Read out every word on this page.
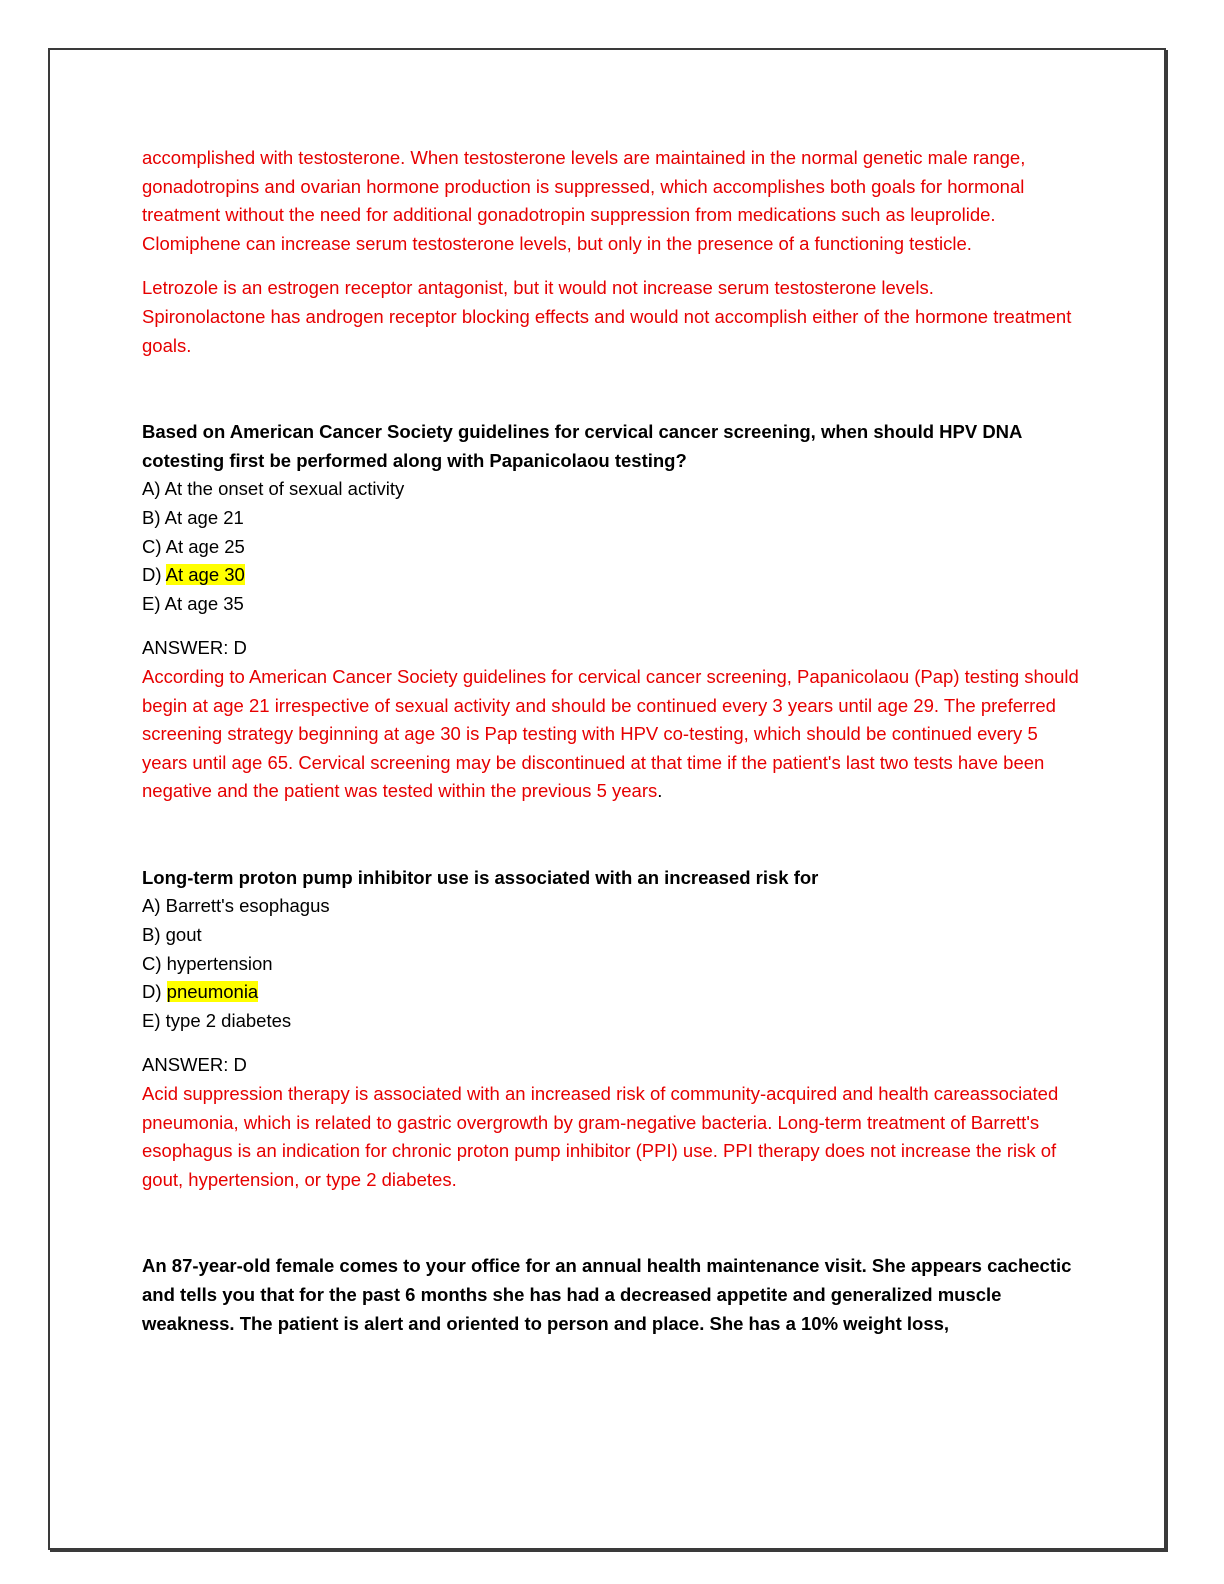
accomplished with testosterone. When testosterone levels are maintained in the normal genetic male range, gonadotropins and ovarian hormone production is suppressed, which accomplishes both goals for hormonal treatment without the need for additional gonadotropin suppression from medications such as leuprolide.

Clomiphene can increase serum testosterone levels, but only in the presence of a functioning testicle.

Letrozole is an estrogen receptor antagonist, but it would not increase serum testosterone levels.

Spironolactone has androgen receptor blocking effects and would not accomplish either of the hormone treatment goals.

Based on American Cancer Society guidelines for cervical cancer screening, when should HPV DNA cotesting first be performed along with Papanicolaou testing?

A) At the onset of sexual activity

B) At age 21

C) At age 25

D) At age 30

E) At age 35

ANSWER: D

According to American Cancer Society guidelines for cervical cancer screening, Papanicolaou (Pap) testing should begin at age 21 irrespective of sexual activity and should be continued every 3 years until age 29. The preferred screening strategy beginning at age 30 is Pap testing with HPV co-testing, which should be continued every 5 years until age 65. Cervical screening may be discontinued at that time if the patient's last two tests have been negative and the patient was tested within the previous 5 years.

Long-term proton pump inhibitor use is associated with an increased risk for

A) Barrett's esophagus

B) gout

C) hypertension

D) pneumonia

E) type 2 diabetes

ANSWER: D

Acid suppression therapy is associated with an increased risk of community-acquired and health careassociated pneumonia, which is related to gastric overgrowth by gram-negative bacteria. Long-term treatment of Barrett's esophagus is an indication for chronic proton pump inhibitor (PPI) use. PPI therapy does not increase the risk of gout, hypertension, or type 2 diabetes.

An 87-year-old female comes to your office for an annual health maintenance visit. She appears cachectic and tells you that for the past 6 months she has had a decreased appetite and generalized muscle weakness. The patient is alert and oriented to person and place. She has a 10% weight loss,
